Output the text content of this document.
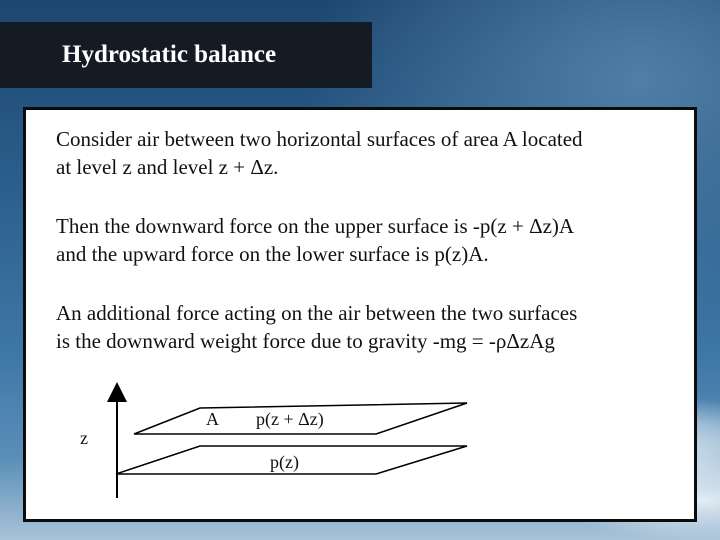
Hydrostatic balance

Consider air between two horizontal surfaces of area A located
at level z and level z + Δz.

Then the downward force on the upper surface is -p(z + Δz)A
and the upward force on the lower surface is p(z)A.

An additional force acting on the air between the two surfaces
is the downward weight force due to gravity -mg = -ρΔzAg

z
A p(z + Δz)
p(z)
